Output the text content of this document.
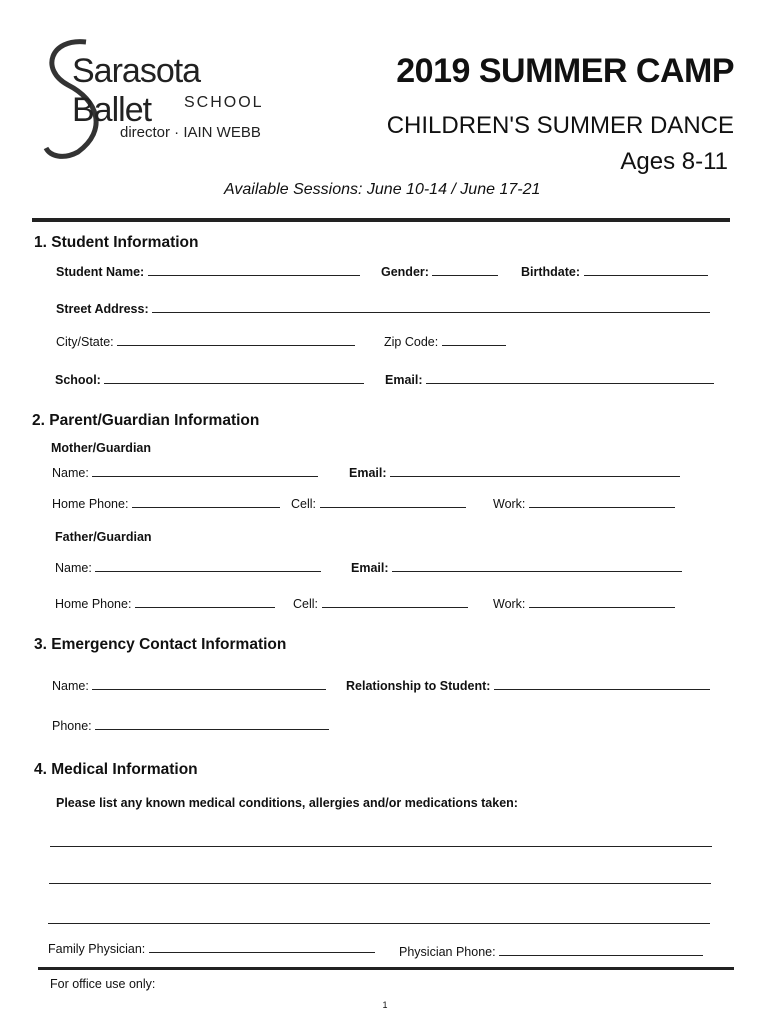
Sarasota Ballet	SCHOOL
director · IAIN WEBB
2019 SUMMER CAMP
CHILDREN'S SUMMER DANCE
Ages 8-11
Available Sessions: June 10-14 / June 17-21
1. Student Information
Student Name:	Gender:	Birthdate:
Street Address:
City/State:	Zip Code:
School:	Email:
2. Parent/Guardian Information
Mother/Guardian
Name:	Email:
Home Phone:	Cell:	Work:
Father/Guardian
Name:	Email:
Home Phone:	Cell:	Work:
3. Emergency Contact Information
Name:	Relationship to Student:
Phone:
4. Medical Information
Please list any known medical conditions, allergies and/or medications taken:
Family Physician:	Physician Phone:
For office use only:
1
